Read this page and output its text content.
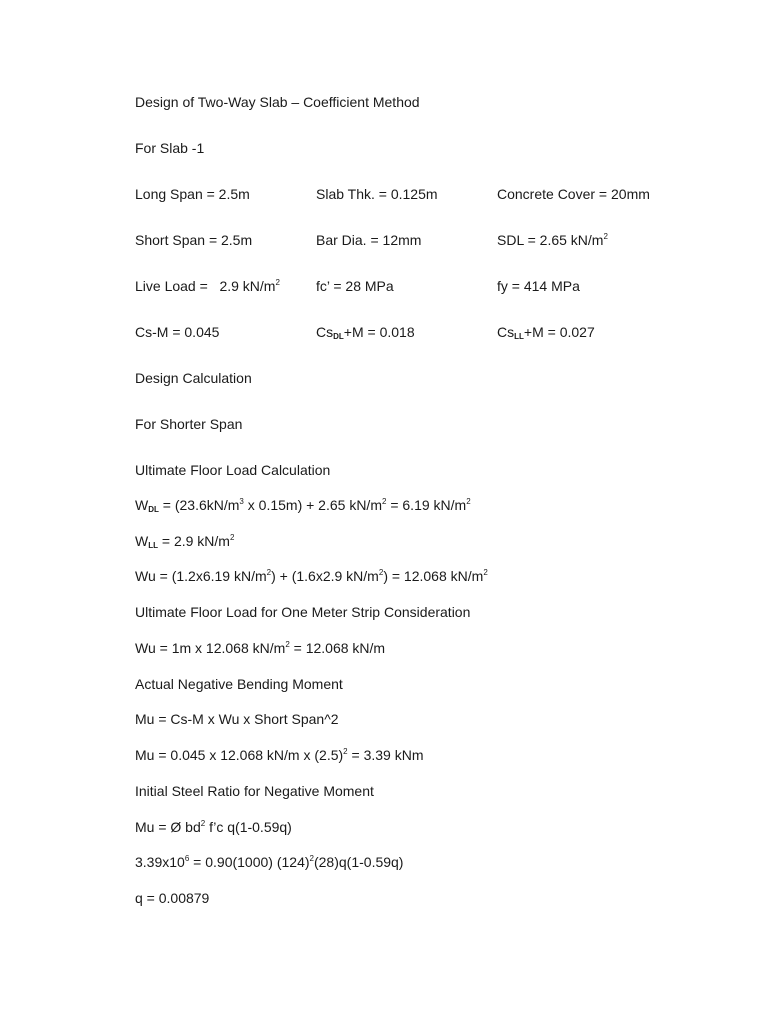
Design of Two-Way Slab – Coefficient Method
For Slab -1
Long Span = 2.5m	Slab Thk. = 0.125m	Concrete Cover = 20mm
Short Span = 2.5m	Bar Dia. = 12mm	SDL = 2.65 $kN/m^2$
Live Load =   2.9 $kN/m^2$	fc’ = 28 MPa	fy = 414 MPa
Cs-M = 0.045	$Cs_{DL}+M = 0.018$	$Cs_{LL}+M = 0.027$
Design Calculation
For Shorter Span
Ultimate Floor Load Calculation
$W_{DL} = (23.6kN/m^3$ x 0.15m) + 2.65 $kN/m^2 = 6.19$ $kN/m^2$
$W_{LL} = 2.9$ $kN/m^2$
Wu = (1.2x6.19 $kN/m^2) + (1.6x2.9$ $kN/m^2) = 12.068$ $kN/m^2$
Ultimate Floor Load for One Meter Strip Consideration
Wu = 1m x 12.068 $kN/m^2 = 12.068$ kN/m
Actual Negative Bending Moment
Mu = Cs-M x Wu x Short Span^2
Mu = 0.045 x 12.068 kN/m x $(2.5)^2 = 3.39$ kNm
Initial Steel Ratio for Negative Moment
Mu = Ø $bd^2$ f’c q(1-0.59q)
$3.39x10^6 = 0.90(1000)$ $(124)^2(28)q(1-0.59q)$
q = 0.00879
